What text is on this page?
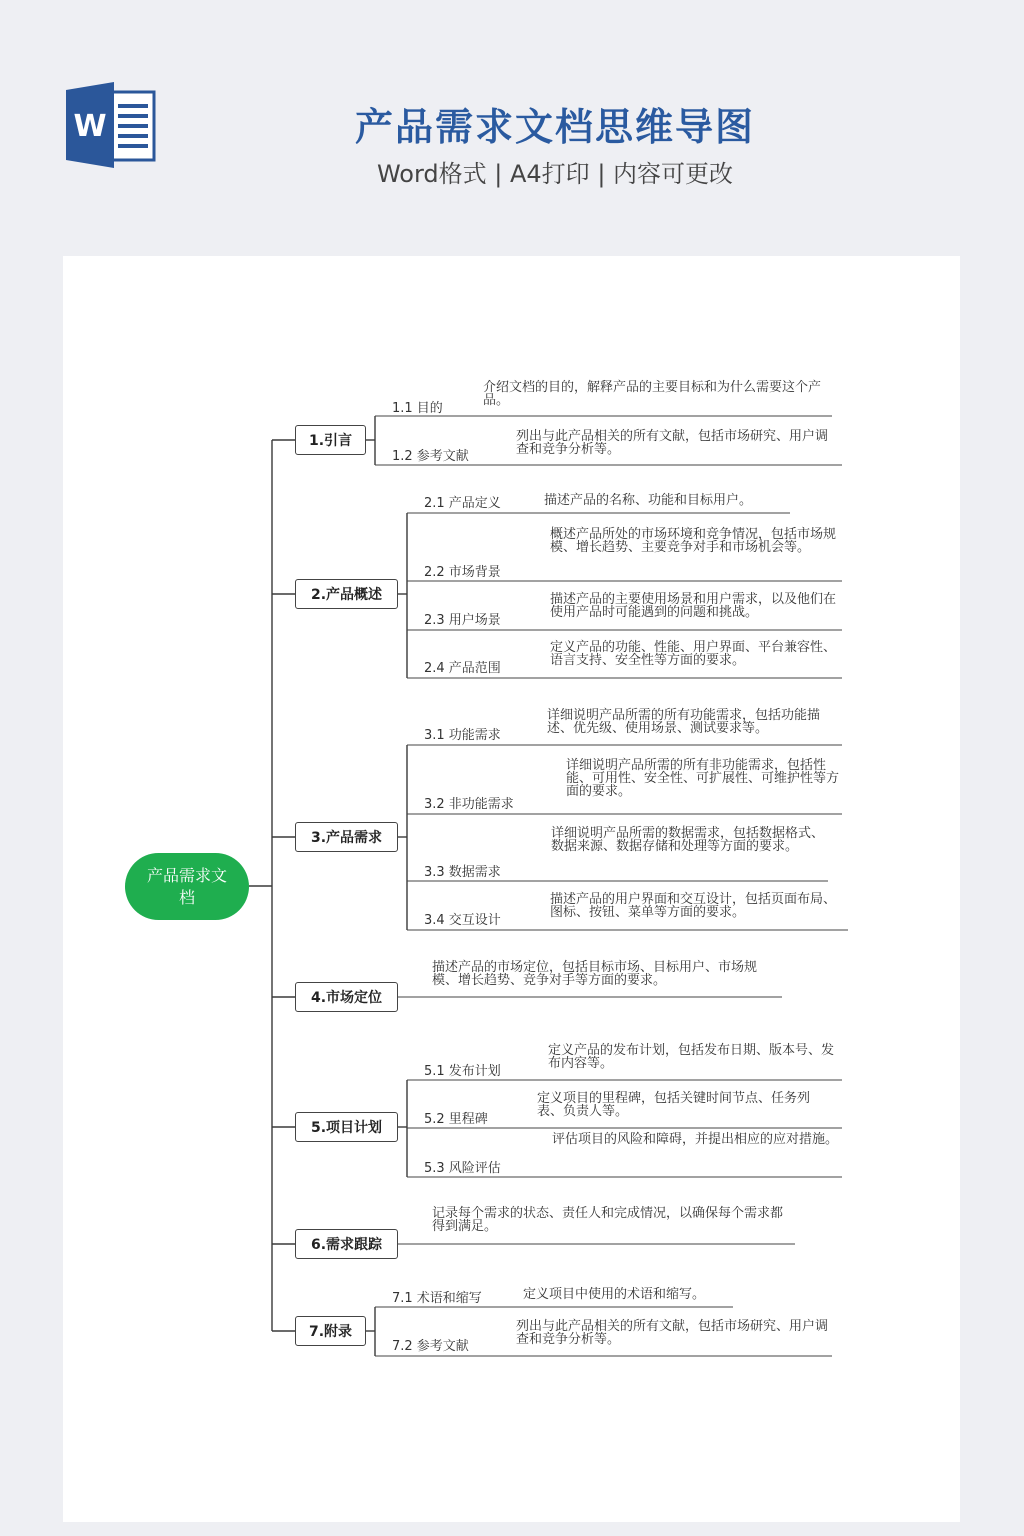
W	产品需求文档思维导图
Word格式 | A4打印 | 内容可更改
产品需求文档
1.引言
2.产品概述
3.产品需求
4.市场定位
5.项目计划
6.需求跟踪
7.附录
1.1 目的
介绍文档的目的，解释产品的主要目标和为什么需要这个产品。
1.2 参考文献
列出与此产品相关的所有文献，包括市场研究、用户调查和竞争分析等。
2.1 产品定义	描述产品的名称、功能和目标用户。
2.2 市场背景
概述产品所处的市场环境和竞争情况，包括市场规模、增长趋势、主要竞争对手和市场机会等。
2.3 用户场景
描述产品的主要使用场景和用户需求，以及他们在使用产品时可能遇到的问题和挑战。
2.4 产品范围
定义产品的功能、性能、用户界面、平台兼容性、语言支持、安全性等方面的要求。
3.1 功能需求
详细说明产品所需的所有功能需求，包括功能描述、优先级、使用场景、测试要求等。
3.2 非功能需求
详细说明产品所需的所有非功能需求，包括性能、可用性、安全性、可扩展性、可维护性等方面的要求。
3.3 数据需求
详细说明产品所需的数据需求，包括数据格式、数据来源、数据存储和处理等方面的要求。
3.4 交互设计
描述产品的用户界面和交互设计，包括页面布局、图标、按钮、菜单等方面的要求。
描述产品的市场定位，包括目标市场、目标用户、市场规模、增长趋势、竞争对手等方面的要求。
5.1 发布计划
定义产品的发布计划，包括发布日期、版本号、发布内容等。
5.2 里程碑
定义项目的里程碑，包括关键时间节点、任务列表、负责人等。
5.3 风险评估
评估项目的风险和障碍，并提出相应的应对措施。
记录每个需求的状态、责任人和完成情况，以确保每个需求都得到满足。
7.1 术语和缩写	定义项目中使用的术语和缩写。
7.2 参考文献
列出与此产品相关的所有文献，包括市场研究、用户调查和竞争分析等。
